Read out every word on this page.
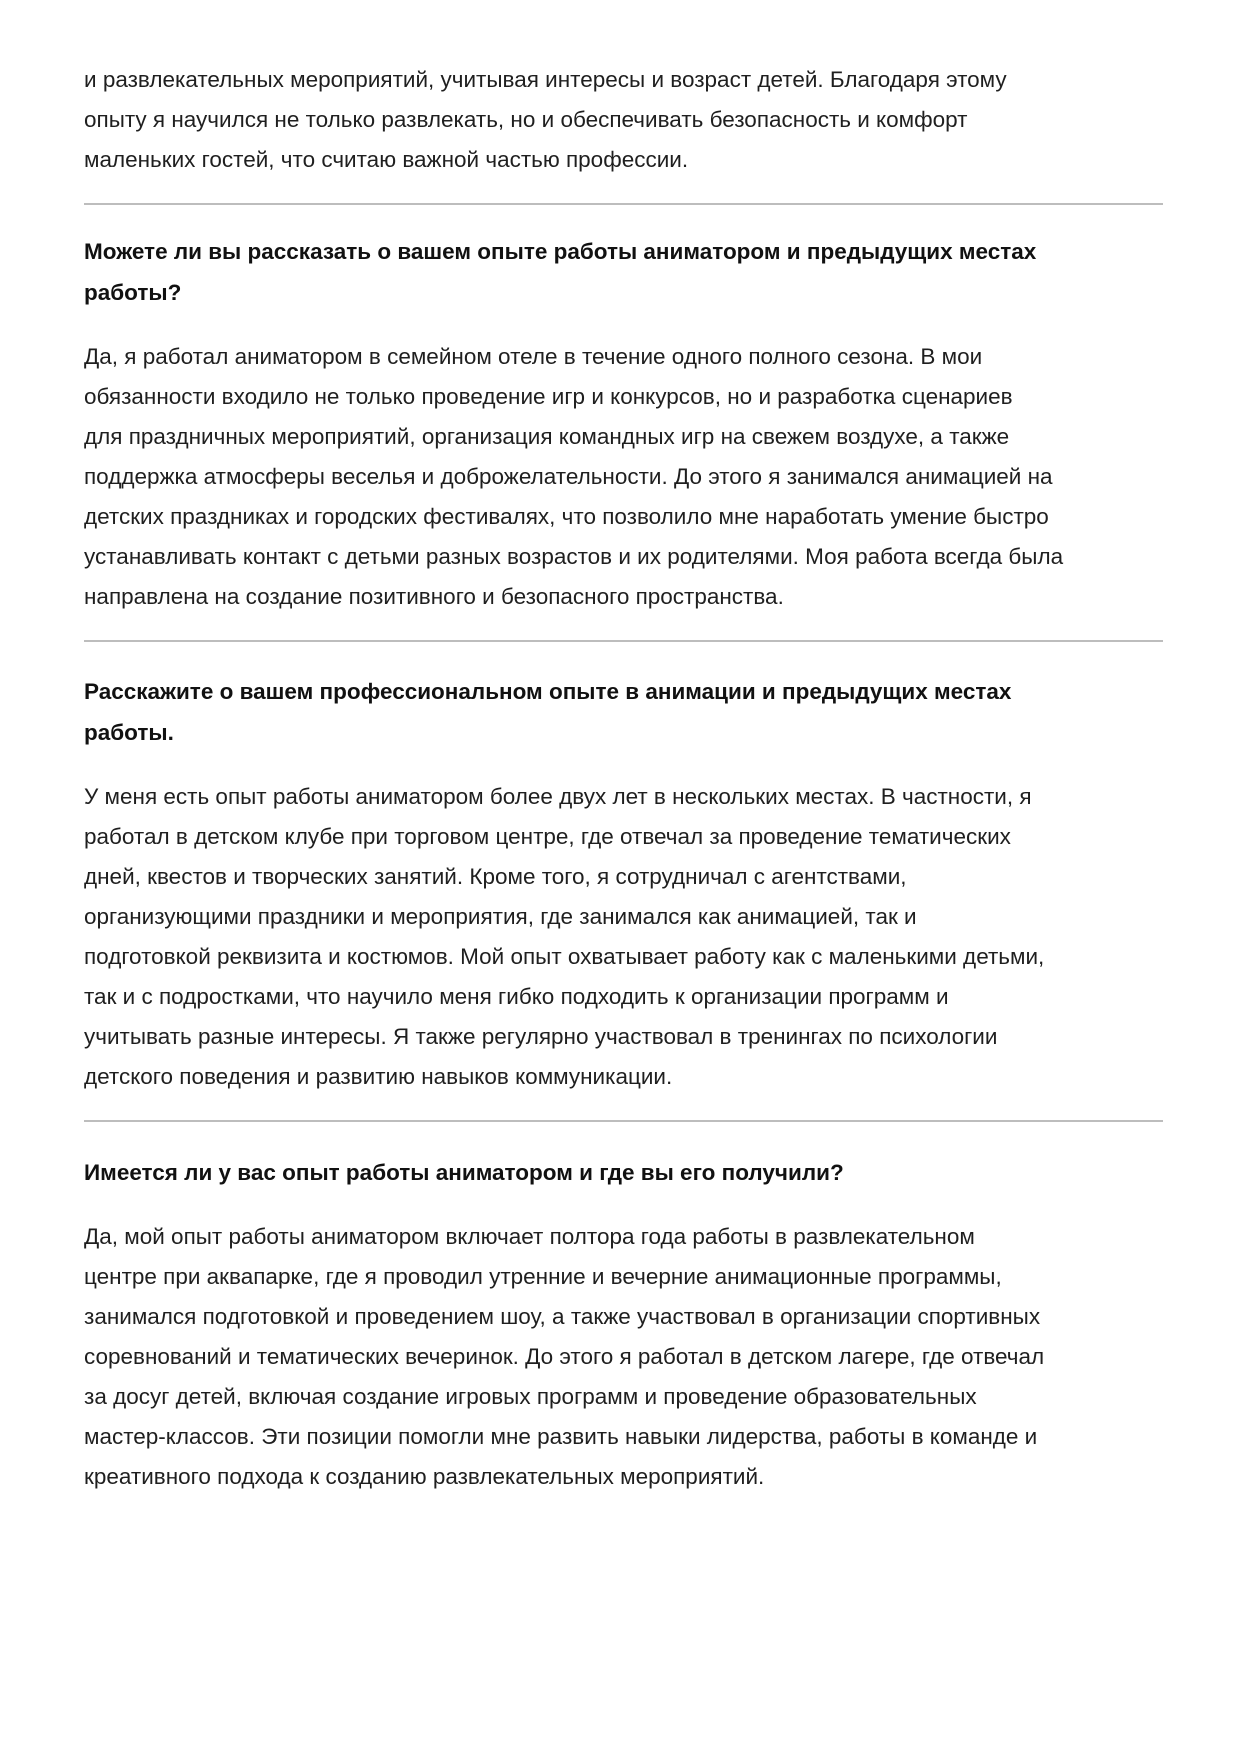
и развлекательных мероприятий, учитывая интересы и возраст детей. Благодаря этому
опыту я научился не только развлекать, но и обеспечивать безопасность и комфорт
маленьких гостей, что считаю важной частью профессии.

Можете ли вы рассказать о вашем опыте работы аниматором и предыдущих местах
работы?

Да, я работал аниматором в семейном отеле в течение одного полного сезона. В мои
обязанности входило не только проведение игр и конкурсов, но и разработка сценариев
для праздничных мероприятий, организация командных игр на свежем воздухе, а также
поддержка атмосферы веселья и доброжелательности. До этого я занимался анимацией на
детских праздниках и городских фестивалях, что позволило мне наработать умение быстро
устанавливать контакт с детьми разных возрастов и их родителями. Моя работа всегда была
направлена на создание позитивного и безопасного пространства.

Расскажите о вашем профессиональном опыте в анимации и предыдущих местах
работы.

У меня есть опыт работы аниматором более двух лет в нескольких местах. В частности, я
работал в детском клубе при торговом центре, где отвечал за проведение тематических
дней, квестов и творческих занятий. Кроме того, я сотрудничал с агентствами,
организующими праздники и мероприятия, где занимался как анимацией, так и
подготовкой реквизита и костюмов. Мой опыт охватывает работу как с маленькими детьми,
так и с подростками, что научило меня гибко подходить к организации программ и
учитывать разные интересы. Я также регулярно участвовал в тренингах по психологии
детского поведения и развитию навыков коммуникации.

Имеется ли у вас опыт работы аниматором и где вы его получили?

Да, мой опыт работы аниматором включает полтора года работы в развлекательном
центре при аквапарке, где я проводил утренние и вечерние анимационные программы,
занимался подготовкой и проведением шоу, а также участвовал в организации спортивных
соревнований и тематических вечеринок. До этого я работал в детском лагере, где отвечал
за досуг детей, включая создание игровых программ и проведение образовательных
мастер-классов. Эти позиции помогли мне развить навыки лидерства, работы в команде и
креативного подхода к созданию развлекательных мероприятий.
